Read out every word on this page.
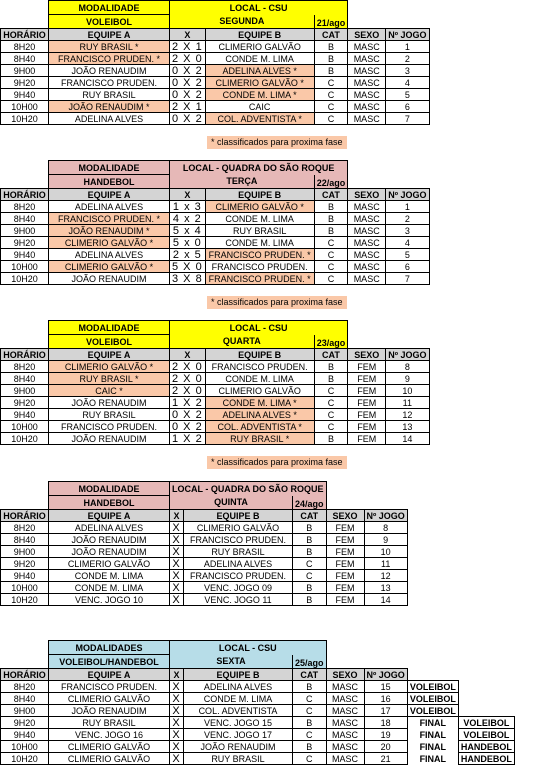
	MODALIDADE	LOCAL - CSU				
	VOLEIBOL	SEGUNDA		21/ago		
HORÁRIO	EQUIPE A	X	EQUIPE B	CAT	SEXO	Nº JOGO
8H20	RUY BRASIL *	2 X 1	CLIMERIO GALVÃO	B	MASC	1
8H40	FRANCISCO PRUDEN. *	2 X 0	CONDE M. LIMA	B	MASC	2
9H00	JOÃO RENAUDIM	0 X 2	ADELINA ALVES *	B	MASC	3
9H20	FRANCISCO PRUDEN.	0 X 2	CLIMERIO GALVÃO *	C	MASC	4
9H40	RUY BRASIL	0 X 2	CONDE M. LIMA *	C	MASC	5
10H00	JOÃO RENAUDIM *	2 X 1	CAIC	C	MASC	6
10H20	ADELINA ALVES	0 X 2	COL. ADVENTISTA *	C	MASC	7
	MODALIDADE	LOCAL - QUADRA DO SÃO ROQUE				
	HANDEBOL	TERÇA		22/ago		
HORÁRIO	EQUIPE A	X	EQUIPE B	CAT	SEXO	Nº JOGO
8H20	ADELINA ALVES	1 x 3	CLIMERIO GALVÃO *	B	MASC	1
8H40	FRANCISCO PRUDEN. *	4 x 2	CONDE M. LIMA	B	MASC	2
9H00	JOÃO RENAUDIM *	5 x 4	RUY BRASIL	B	MASC	3
9H20	CLIMERIO GALVÃO *	5 x 0	CONDE M. LIMA	C	MASC	4
9H40	ADELINA ALVES	2 x 5	FRANCISCO PRUDEN. *	C	MASC	5
10H00	CLIMERIO GALVÃO *	5 X 0	FRANCISCO PRUDEN.	C	MASC	6
10H20	JOÃO RENAUDIM	3 X 8	FRANCISCO PRUDEN. *	C	MASC	7
	MODALIDADE	LOCAL - CSU				
	VOLEIBOL	QUARTA		23/ago		
HORÁRIO	EQUIPE A	X	EQUIPE B	CAT	SEXO	Nº JOGO
8H20	CLIMERIO GALVÃO *	2 X 0	FRANCISCO PRUDEN.	B	FEM	8
8H40	RUY BRASIL *	2 X 0	CONDE M. LIMA	B	FEM	9
9H00	CAIC *	2 X 0	CLIMERIO GALVÃO	C	FEM	10
9H20	JOÃO RENAUDIM	1 X 2	CONDE M. LIMA *	C	FEM	11
9H40	RUY BRASIL	0 X 2	ADELINA ALVES *	C	FEM	12
10H00	FRANCISCO PRUDEN.	0 X 2	COL. ADVENTISTA *	C	FEM	13
10H20	JOÃO RENAUDIM	1 X 2	RUY BRASIL *	B	FEM	14
	MODALIDADE	LOCAL - QUADRA DO SÃO ROQUE				
	HANDEBOL	QUINTA		24/ago		
HORÁRIO	EQUIPE A	X	EQUIPE B	CAT	SEXO	Nº JOGO
8H20	ADELINA ALVES	X	CLIMERIO GALVÃO	B	FEM	8
8H40	JOÃO RENAUDIM	X	FRANCISCO PRUDEN.	B	FEM	9
9H00	JOÃO RENAUDIM	X	RUY BRASIL	B	FEM	10
9H20	CLIMERIO GALVÃO	X	ADELINA ALVES	C	FEM	11
9H40	CONDE M. LIMA	X	FRANCISCO PRUDEN.	C	FEM	12
10H00	CONDE M. LIMA	X	VENC. JOGO 09	B	FEM	13
10H20	VENC. JOGO 10	X	VENC. JOGO 11	B	FEM	14
	MODALIDADES	LOCAL - CSU						
	VOLEIBOL/HANDEBOL	SEXTA		25/ago				
HORÁRIO	EQUIPE A	X	EQUIPE B	CAT	SEXO	Nº JOGO		
8H20	FRANCISCO PRUDEN.	X	ADELINA ALVES	B	MASC	15	VOLEIBOL	
8H40	CLIMERIO GALVÃO	X	CONDE M. LIMA	C	MASC	16	VOLEIBOL	
9H00	JOÃO RENAUDIM	X	COL. ADVENTISTA	C	MASC	17	VOLEIBOL	
9H20	RUY BRASIL	X	VENC. JOGO 15	B	MASC	18	FINAL	VOLEIBOL
9H40	VENC. JOGO 16	X	VENC. JOGO 17	C	MASC	19	FINAL	VOLEIBOL
10H00	CLIMERIO GALVÃO	X	JOÃO RENAUDIM	B	MASC	20	FINAL	HANDEBOL
10H20	CLIMERIO GALVÃO	X	RUY BRASIL	C	MASC	21	FINAL	HANDEBOL
* classificados para proxima fase
* classificados para proxima fase
* classificados para proxima fase
